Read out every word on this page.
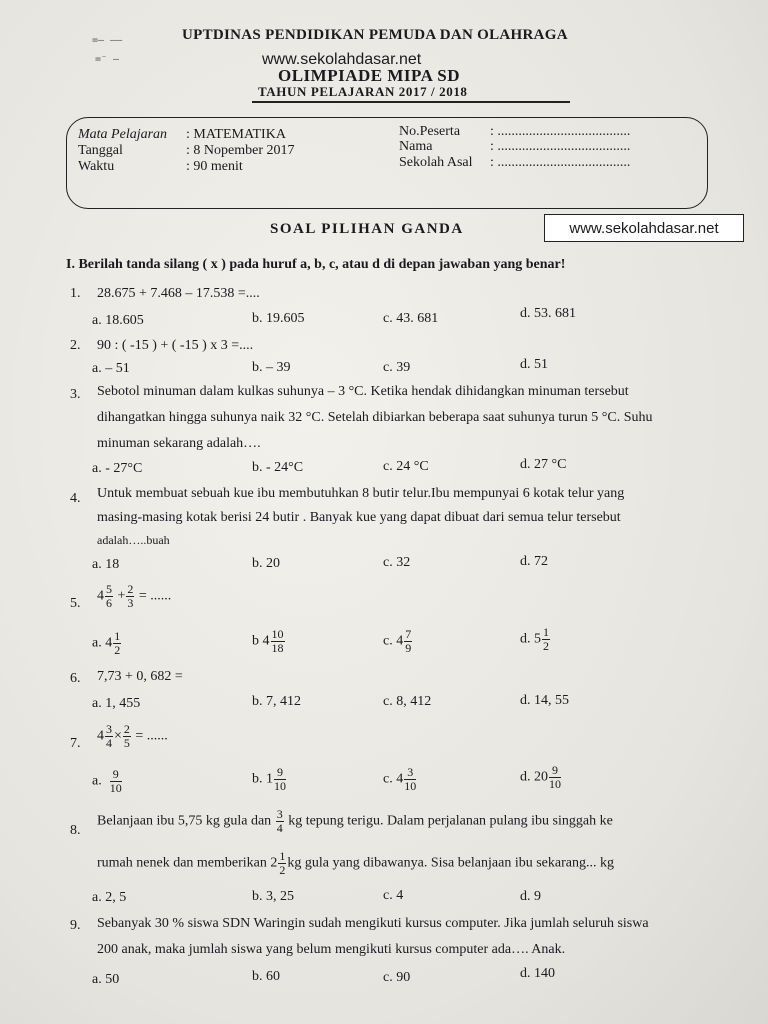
=— ––
=⁻ —
UPTDINAS PENDIDIKAN PEMUDA DAN OLAHRAGA
www.sekolahdasar.net
OLIMPIADE MIPA SD
TAHUN PELAJARAN 2017 / 2018
Mata Pelajaran : MATEMATIKA
Tanggal	: 8 Nopember 2017
Waktu	: 90 menit
No.Peserta : ......................................
Nama	: ......................................
Sekolah Asal : ......................................
SOAL PILIHAN GANDA	www.sekolahdasar.net
I. Berilah tanda silang ( x ) pada huruf a, b, c, atau d di depan jawaban yang benar!
1. 28.675 + 7.468 – 17.538 =....
a. 18.605	b. 19.605	c. 43. 681	d. 53. 681
2. 90 : ( -15 ) + ( -15 ) x 3 =....
a. – 51	b. – 39	c. 39	d. 51
3. Sebotol minuman dalam kulkas suhunya – 3 °C. Ketika hendak dihidangkan minuman tersebut
dihangatkan hingga suhunya naik 32 °C. Setelah dibiarkan beberapa saat suhunya turun 5 °C. Suhu
minuman sekarang adalah….
a. - 27°C	b. - 24°C	c. 24 °C	d. 27 °C
4. Untuk membuat sebuah kue ibu membutuhkan 8 butir telur.Ibu mempunyai 6 kotak telur yang
masing-masing kotak berisi 24 butir . Banyak kue yang dapat dibuat dari semua telur tersebut
adalah…..buah
a. 18	b. 20	c. 32	d. 72
5. $4 \frac{5}{6} + \frac{2}{3}$ = ......
a. $4 \frac{1}{2}$	b $4 \frac{10}{18}$	c. $4 \frac{7}{9}$	d. $5 \frac{1}{2}$
6. 7,73 + 0, 682 =
a. 1, 455	b. 7, 412	c. 8, 412	d. 14, 55
7. $4 \frac{3}{4} \times \frac{2}{5}$ = ......
a. $\frac{9}{10}$	b. $1 \frac{9}{10}$	c. $4 \frac{3}{10}$	d. $20 \frac{9}{10}$
8.
Belanjaan ibu 5,75 kg gula dan $\frac{3}{4}$ kg tepung terigu. Dalam perjalanan pulang ibu singgah ke
rumah nenek dan memberikan $2 \frac{1}{2}$ kg gula yang dibawanya. Sisa belanjaan ibu sekarang... kg
a. 2, 5	b. 3, 25	c. 4	d. 9
9. Sebanyak 30 % siswa SDN Waringin sudah mengikuti kursus computer. Jika jumlah seluruh siswa
200 anak, maka jumlah siswa yang belum mengikuti kursus computer ada…. Anak.
a. 50	b. 60	c. 90	d. 140
